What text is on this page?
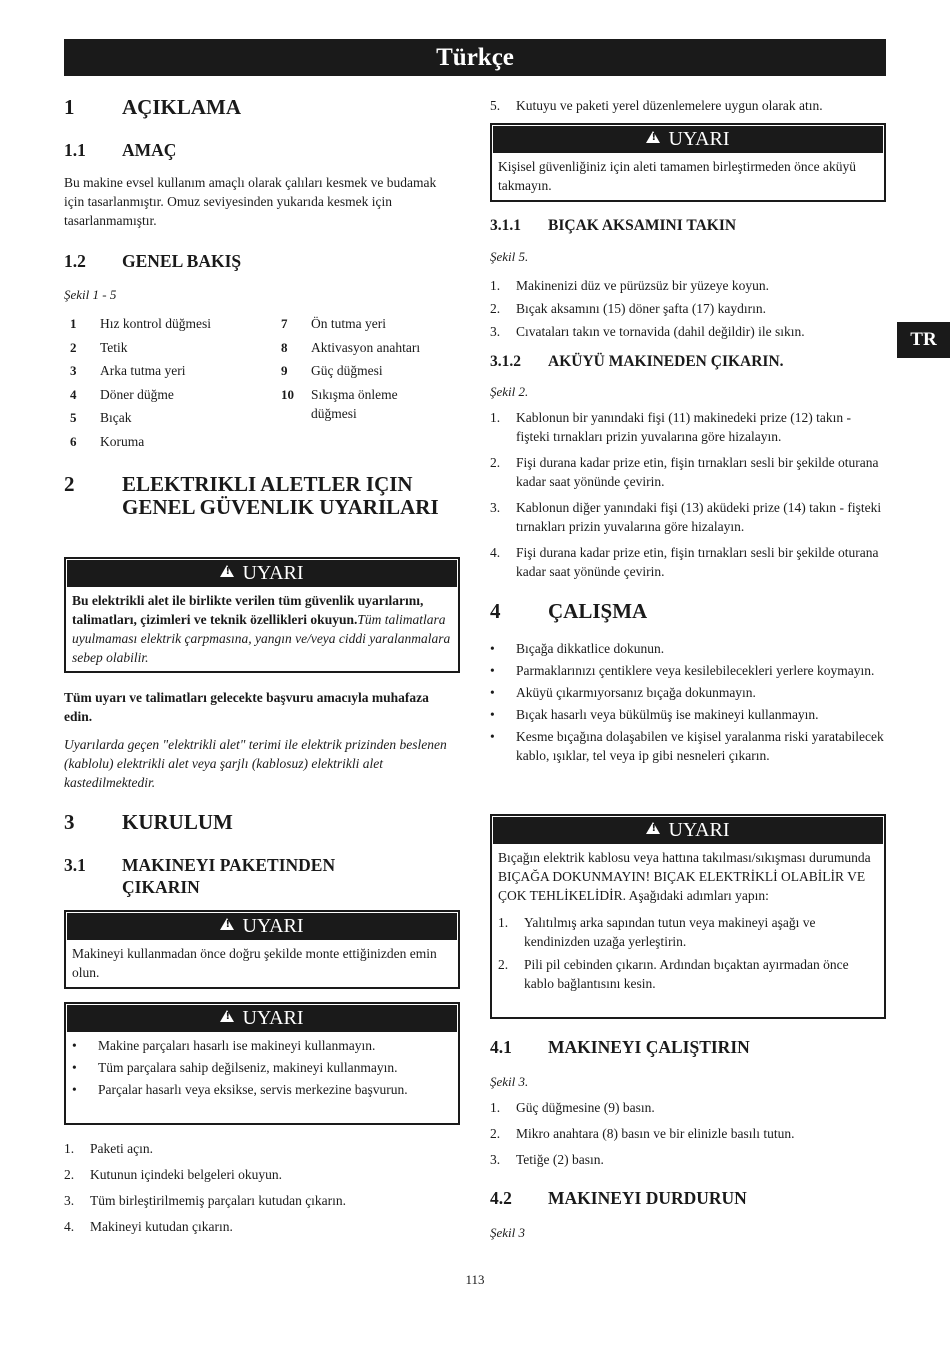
Türkçe
TR
1	AÇIKLAMA
1.1	AMAÇ
Bu makine evsel kullanım amaçlı olarak çalıları kesmek ve budamak için tasarlanmıştır. Omuz seviyesinden yukarıda kesmek için tasarlanmamıştır.
1.2	GENEL BAKIŞ
Şekil 1 - 5
1	Hız kontrol düğmesi
2	Tetik
3	Arka tutma yeri
4	Döner düğme
5	Bıçak
6	Koruma
7	Ön tutma yeri
8	Aktivasyon anahtarı
9	Güç düğmesi
10	Sıkışma önleme düğmesi
2	ELEKTRIKLI ALETLER IÇIN GENEL GÜVENLIK UYARILARI
!UYARI
Bu elektrikli alet ile birlikte verilen tüm güvenlik uyarılarını, talimatları, çizimleri ve teknik özellikleri okuyun.Tüm talimatlara uyulmaması elektrik çarpmasına, yangın ve/veya ciddi yaralanmalara sebep olabilir.
Tüm uyarı ve talimatları gelecekte başvuru amacıyla muhafaza edin.
Uyarılarda geçen "elektrikli alet" terimi ile elektrik prizinden beslenen (kablolu) elektrikli alet veya şarjlı (kablosuz) elektrikli alet kastedilmektedir.
3	KURULUM
3.1	MAKINEYI PAKETINDEN ÇIKARIN
!UYARI
Makineyi kullanmadan önce doğru şekilde monte ettiğinizden emin olun.
!UYARI
•	Makine parçaları hasarlı ise makineyi kullanmayın.
•	Tüm parçalara sahip değilseniz, makineyi kullanmayın.
•	Parçalar hasarlı veya eksikse, servis merkezine başvurun.
1.	Paketi açın.
2.	Kutunun içindeki belgeleri okuyun.
3.	Tüm birleştirilmemiş parçaları kutudan çıkarın.
4.	Makineyi kutudan çıkarın.
5.	Kutuyu ve paketi yerel düzenlemelere uygun olarak atın.
!UYARI
Kişisel güvenliğiniz için aleti tamamen birleştirmeden önce aküyü takmayın.
3.1.1	BIÇAK AKSAMINI TAKIN
Şekil 5.
1.	Makinenizi düz ve pürüzsüz bir yüzeye koyun.
2.	Bıçak aksamını (15) döner şafta (17) kaydırın.
3.	Cıvataları takın ve tornavida (dahil değildir) ile sıkın.
3.1.2	AKÜYÜ MAKINEDEN ÇIKARIN.
Şekil 2.
1.	Kablonun bir yanındaki fişi (11) makinedeki prize (12) takın - fişteki tırnakları prizin yuvalarına göre hizalayın.
2.	Fişi durana kadar prize etin, fişin tırnakları sesli bir şekilde oturana kadar saat yönünde çevirin.
3.	Kablonun diğer yanındaki fişi (13) aküdeki prize (14) takın - fişteki tırnakları prizin yuvalarına göre hizalayın.
4.	Fişi durana kadar prize etin, fişin tırnakları sesli bir şekilde oturana kadar saat yönünde çevirin.
4	ÇALIŞMA
•	Bıçağa dikkatlice dokunun.
•	Parmaklarınızı çentiklere veya kesilebilecekleri yerlere koymayın.
•	Aküyü çıkarmıyorsanız bıçağa dokunmayın.
•	Bıçak hasarlı veya bükülmüş ise makineyi kullanmayın.
•	Kesme bıçağına dolaşabilen ve kişisel yaralanma riski yaratabilecek kablo, ışıklar, tel veya ip gibi nesneleri çıkarın.
!UYARI
Bıçağın elektrik kablosu veya hattına takılması/sıkışması durumunda BIÇAĞA DOKUNMAYIN! BIÇAK ELEKTRİKLİ OLABİLİR VE ÇOK TEHLİKELİDİR. Aşağıdaki adımları yapın:
1.	Yalıtılmış arka sapından tutun veya makineyi aşağı ve kendinizden uzağa yerleştirin.
2.	Pili pil cebinden çıkarın. Ardından bıçaktan ayırmadan önce kablo bağlantısını kesin.
4.1	MAKINEYI ÇALIŞTIRIN
Şekil 3.
1.	Güç düğmesine (9) basın.
2.	Mikro anahtara (8) basın ve bir elinizle basılı tutun.
3.	Tetiğe (2) basın.
4.2	MAKINEYI DURDURUN
Şekil 3
113
